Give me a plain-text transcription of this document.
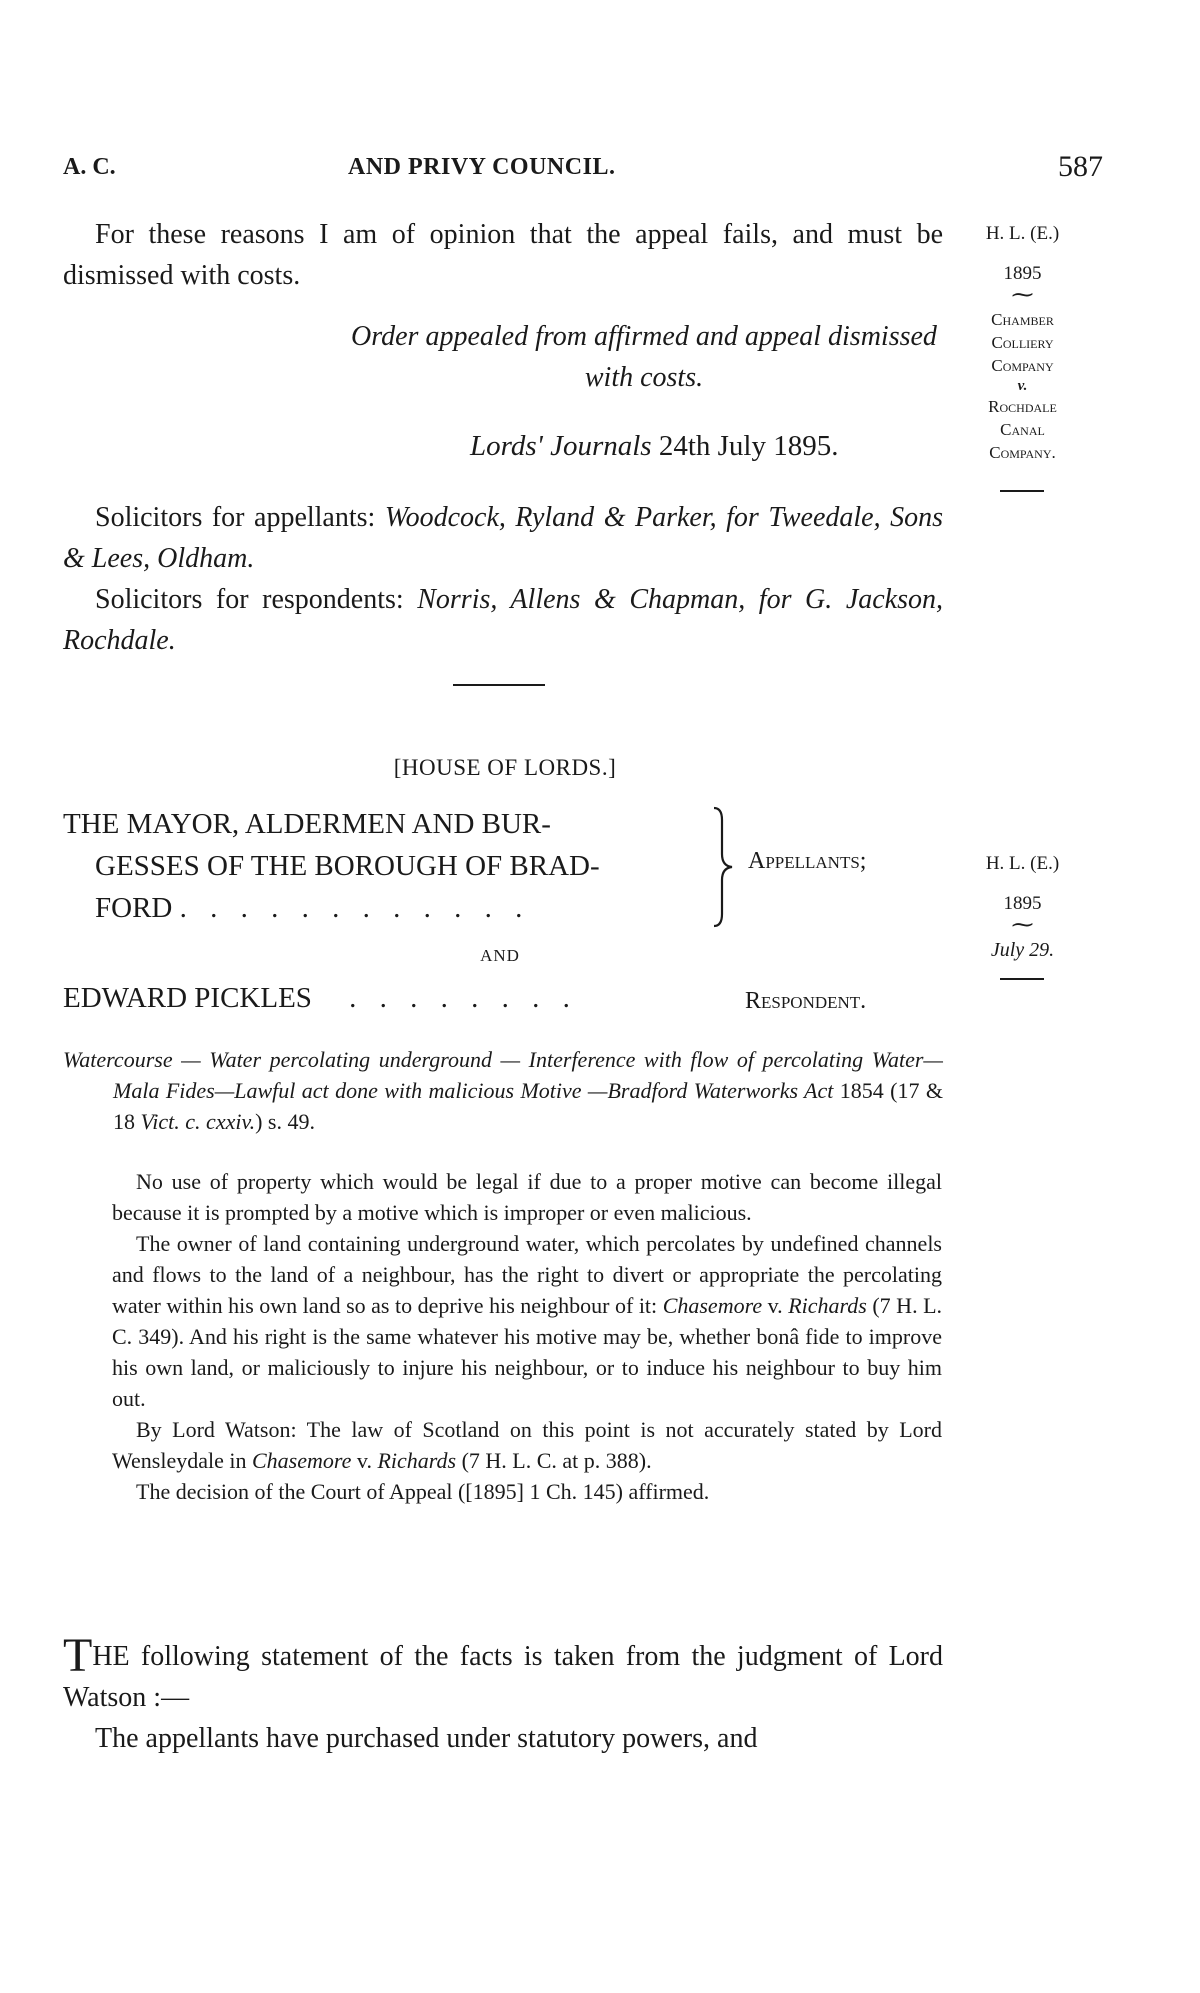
A. C.	AND PRIVY COUNCIL.	587
For these reasons I am of opinion that the appeal fails, and must be dismissed with costs.
Order appealed from affirmed and appeal dismissed with costs.
Lords' Journals 24th July 1895.
Solicitors for appellants: Woodcock, Ryland & Parker, for Tweedale, Sons & Lees, Oldham.
Solicitors for respondents: Norris, Allens & Chapman, for G. Jackson, Rochdale.
H. L. (E.)
1895
⁓
Chamber
Colliery
Company
v.
Rochdale
Canal
Company.
[HOUSE OF LORDS.]
THE MAYOR, ALDERMEN AND BUR-
GESSES OF THE BOROUGH OF BRAD-
FORD . . . . . . . . . . . .
Appellants;
AND
EDWARD PICKLES . . . . . . . .	Respondent.
H. L. (E.)
1895
⁓
July 29.
Watercourse — Water percolating underground — Interference with flow of percolating Water—Mala Fides—Lawful act done with malicious Motive —Bradford Waterworks Act 1854 (17 & 18 Vict. c. cxxiv.) s. 49.

No use of property which would be legal if due to a proper motive can become illegal because it is prompted by a motive which is improper or even malicious.

The owner of land containing underground water, which percolates by undefined channels and flows to the land of a neighbour, has the right to divert or appropriate the percolating water within his own land so as to deprive his neighbour of it: Chasemore v. Richards (7 H. L. C. 349). And his right is the same whatever his motive may be, whether bonâ fide to improve his own land, or maliciously to injure his neighbour, or to induce his neighbour to buy him out.

By Lord Watson: The law of Scotland on this point is not accurately stated by Lord Wensleydale in Chasemore v. Richards (7 H. L. C. at p. 388).

The decision of the Court of Appeal ([1895] 1 Ch. 145) affirmed.

THE following statement of the facts is taken from the judgment of Lord Watson :—
The appellants have purchased under statutory powers, and
